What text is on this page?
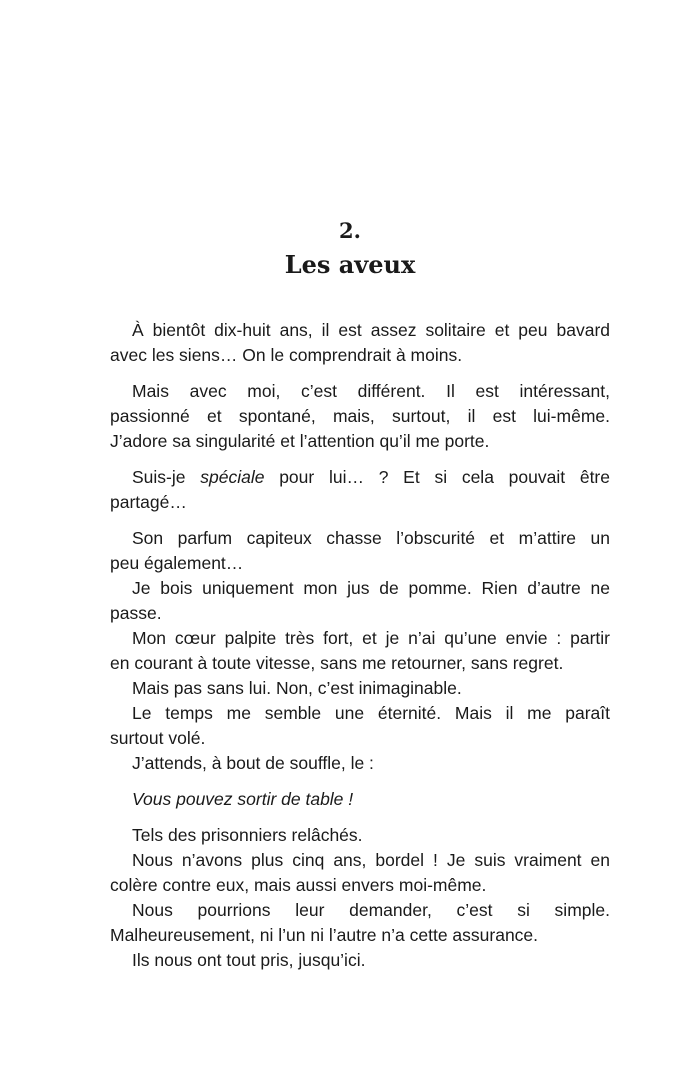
2.
Les aveux
À bientôt dix-huit ans, il est assez solitaire et peu bavard
avec les siens… On le comprendrait à moins.
Mais avec moi, c’est différent. Il est intéressant,
passionné et spontané, mais, surtout, il est lui-même.
J’adore sa singularité et l’attention qu’il me porte.
Suis-je spéciale pour lui… ? Et si cela pouvait être
partagé…
Son parfum capiteux chasse l’obscurité et m’attire un
peu également…
Je bois uniquement mon jus de pomme. Rien d’autre ne
passe.
Mon cœur palpite très fort, et je n’ai qu’une envie : partir
en courant à toute vitesse, sans me retourner, sans regret.
Mais pas sans lui. Non, c’est inimaginable.
Le temps me semble une éternité. Mais il me paraît
surtout volé.
J’attends, à bout de souffle, le :
Vous pouvez sortir de table !
Tels des prisonniers relâchés.
Nous n’avons plus cinq ans, bordel ! Je suis vraiment en
colère contre eux, mais aussi envers moi-même.
Nous pourrions leur demander, c’est si simple.
Malheureusement, ni l’un ni l’autre n’a cette assurance.
Ils nous ont tout pris, jusqu’ici.
